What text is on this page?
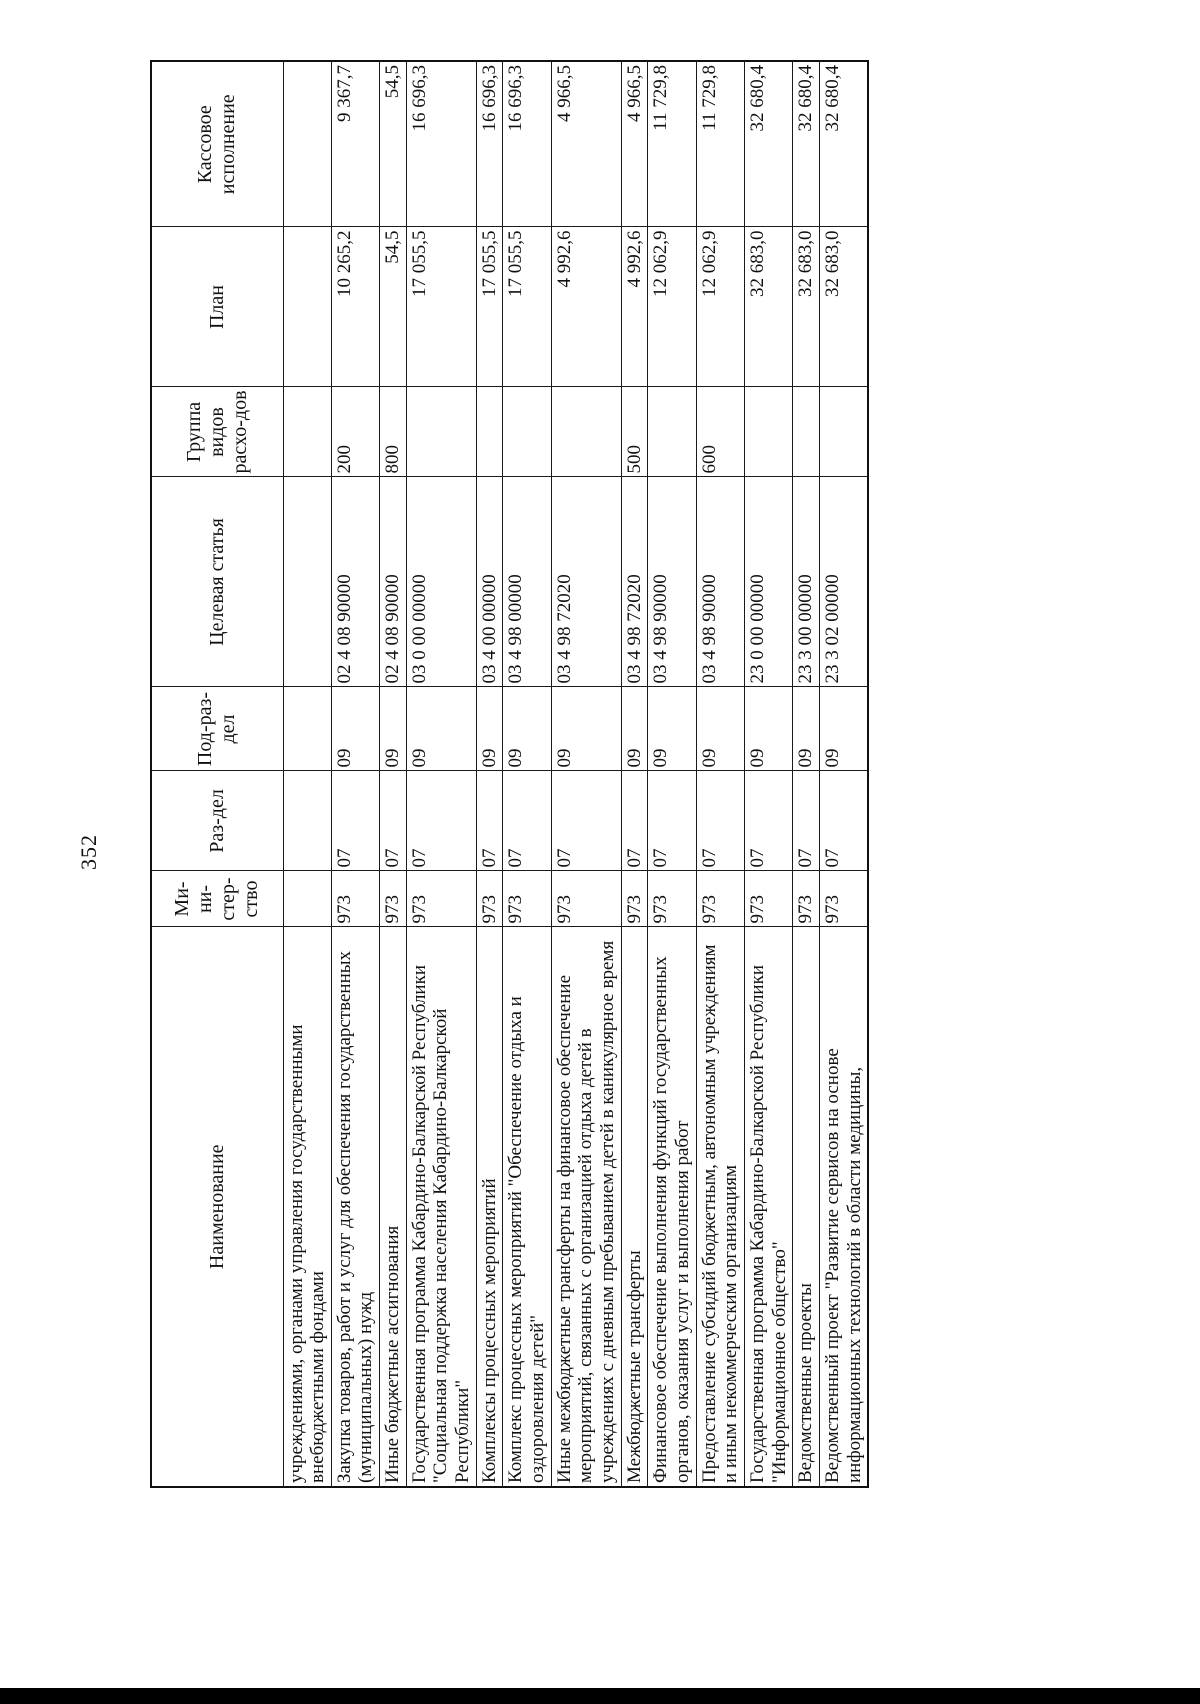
352
Наименование	Ми-ни-стер-ство	Раз-дел	Под-раз-дел	Целевая статья	Группа видов расхо-дов	План	Кассовое исполнение
учреждениями, органами управления государственными внебюджетными фондами							
Закупка товаров, работ и услуг для обеспечения государственных (муниципальных) нужд	973	07	09	02 4 08 90000	200	10 265,2	9 367,7
Иные бюджетные ассигнования	973	07	09	02 4 08 90000	800	54,5	54,5
Государственная программа Кабардино-Балкарской Республики "Социальная поддержка населения Кабардино-Балкарской Республики"	973	07	09	03 0 00 00000		17 055,5	16 696,3
Комплексы процессных мероприятий	973	07	09	03 4 00 00000		17 055,5	16 696,3
Комплекс процессных мероприятий "Обеспечение отдыха и оздоровления детей"	973	07	09	03 4 98 00000		17 055,5	16 696,3
Иные межбюджетные трансферты на финансовое обеспечение мероприятий, связанных с организацией отдыха детей в учреждениях с дневным пребыванием детей в каникулярное время	973	07	09	03 4 98 72020		4 992,6	4 966,5
Межбюджетные трансферты	973	07	09	03 4 98 72020	500	4 992,6	4 966,5
Финансовое обеспечение выполнения функций государственных органов, оказания услуг и выполнения работ	973	07	09	03 4 98 90000		12 062,9	11 729,8
Предоставление субсидий бюджетным, автономным учреждениям и иным некоммерческим организациям	973	07	09	03 4 98 90000	600	12 062,9	11 729,8
Государственная программа Кабардино-Балкарской Республики "Информационное общество"	973	07	09	23 0 00 00000		32 683,0	32 680,4
Ведомственные проекты	973	07	09	23 3 00 00000		32 683,0	32 680,4
Ведомственный проект "Развитие сервисов на основе информационных технологий в области медицины,	973	07	09	23 3 02 00000		32 683,0	32 680,4
